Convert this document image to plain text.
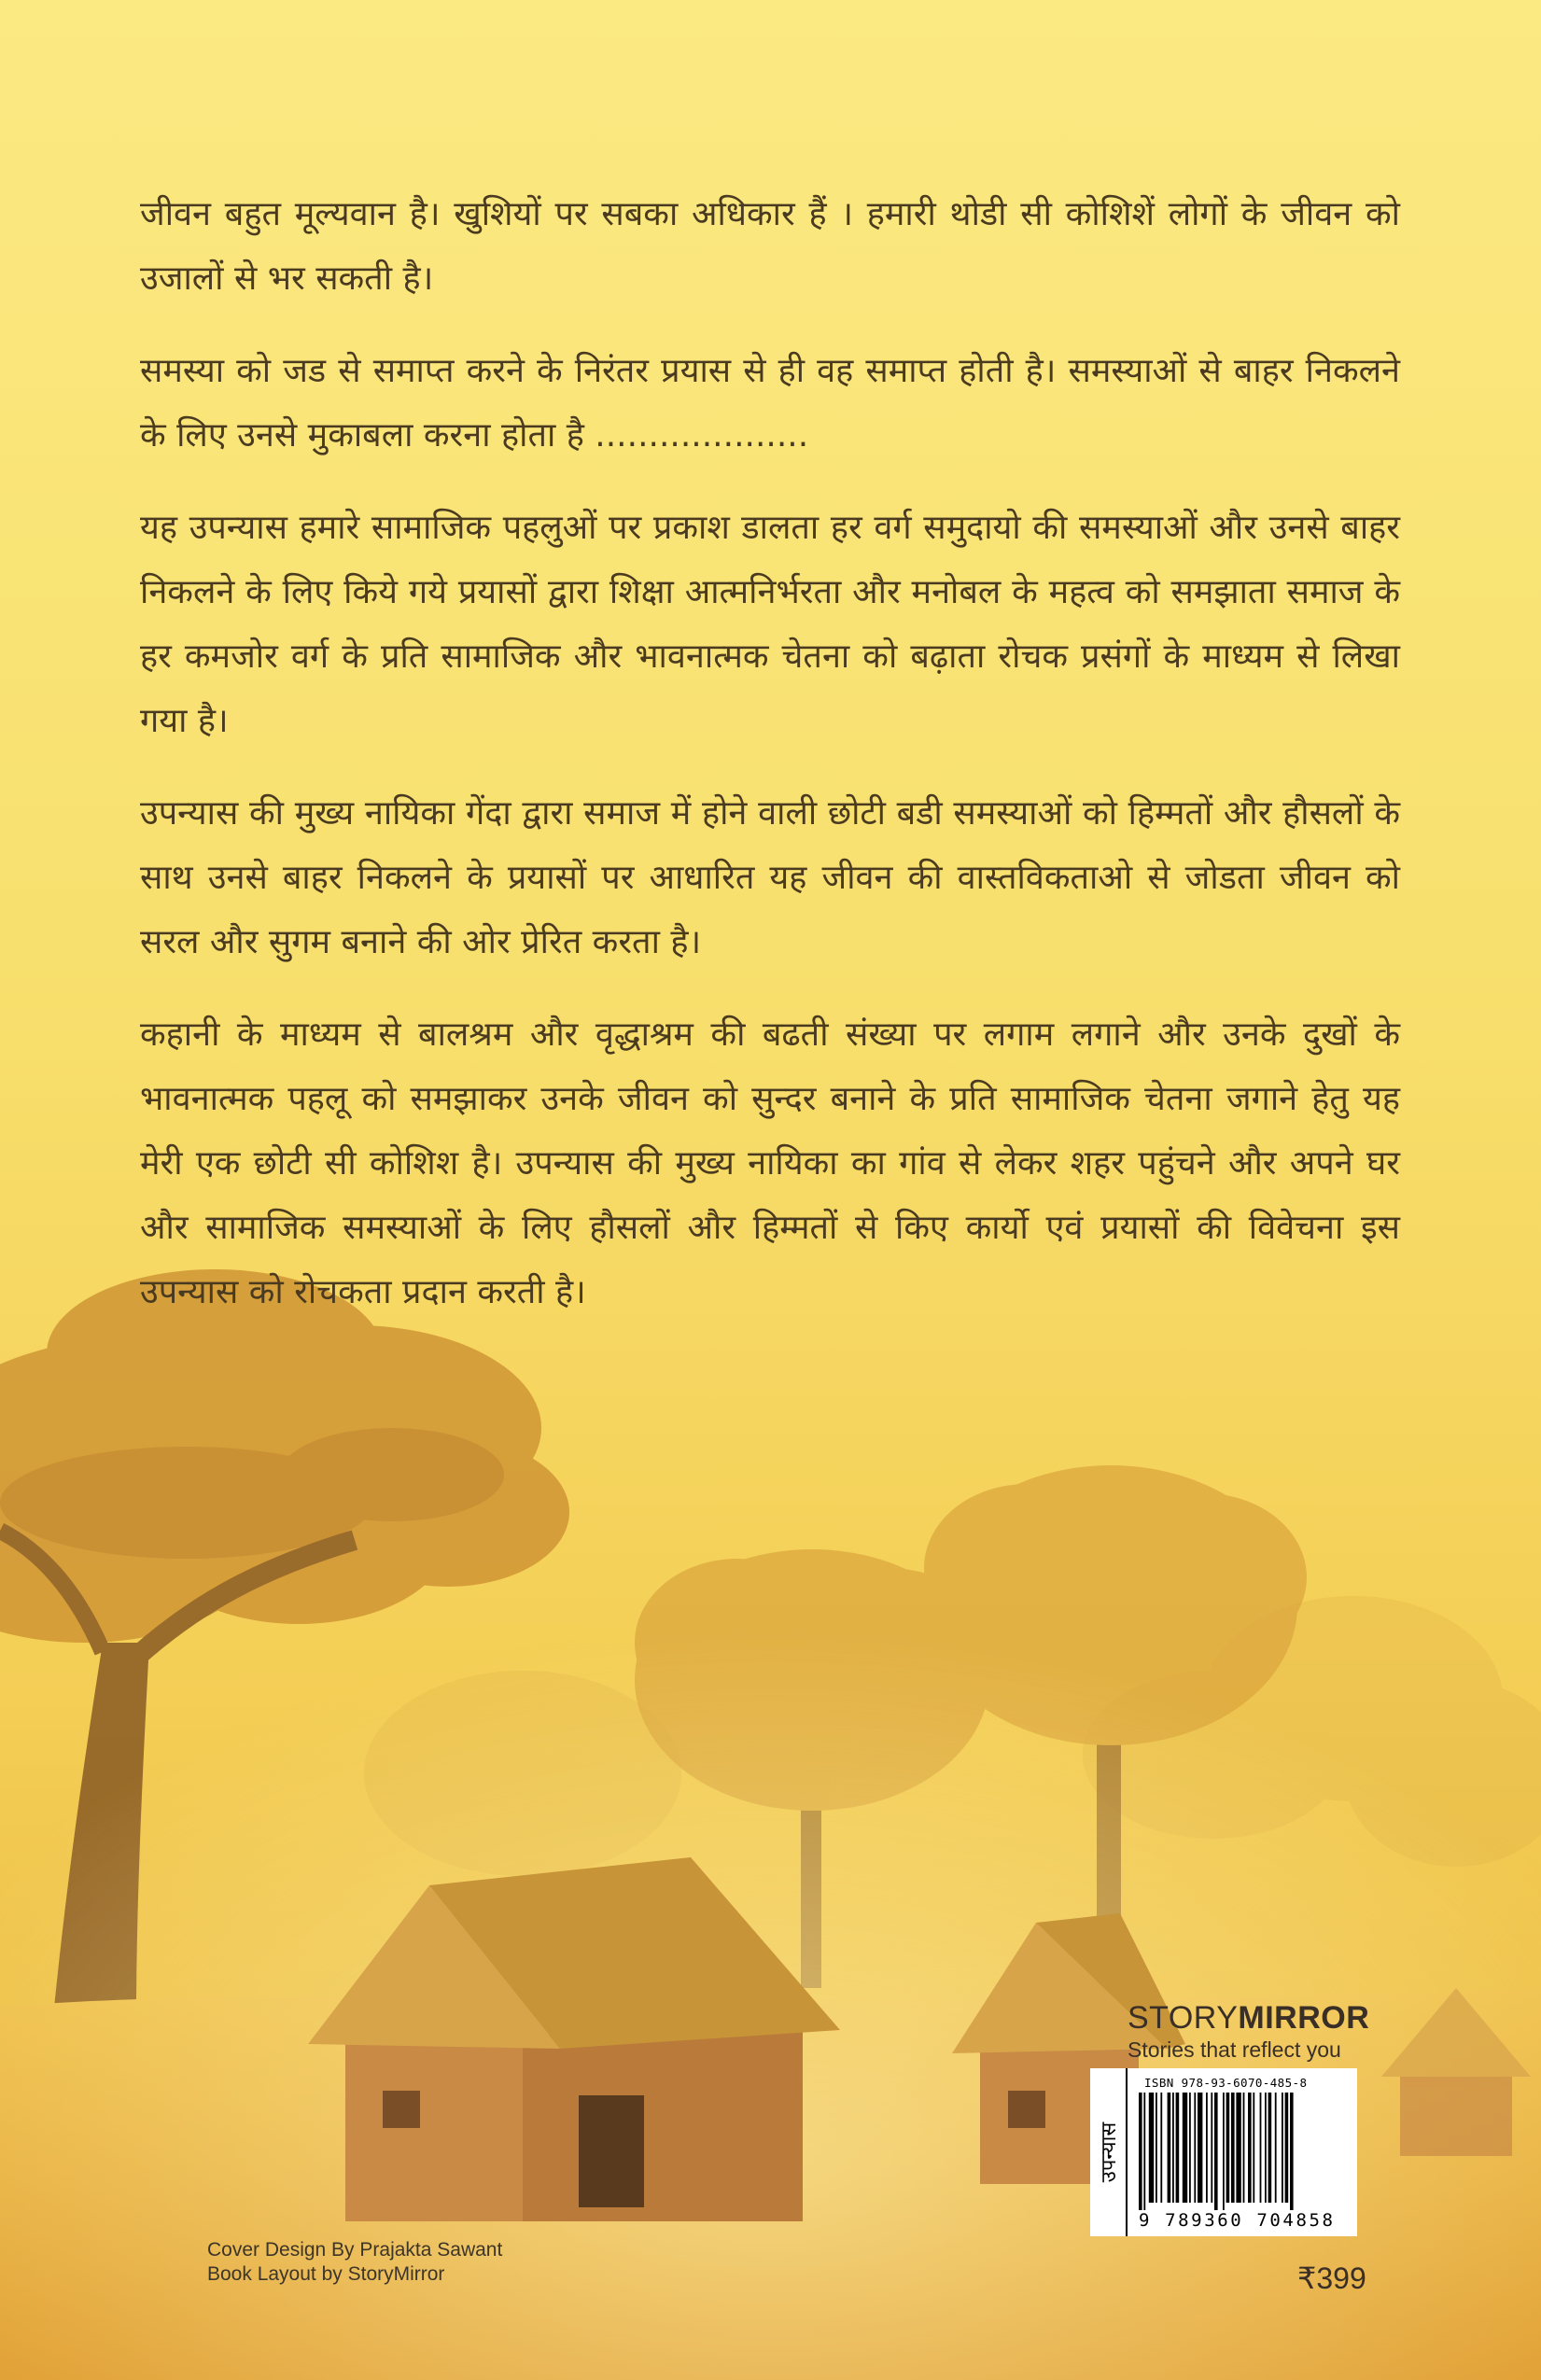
जीवन बहुत मूल्यवान है। खुशियों पर सबका अधिकार हैं । हमारी थोडी सी कोशिशें लोगों के जीवन को उजालों से भर सकती है।

समस्या को जड से समाप्त करने के निरंतर प्रयास से ही वह समाप्त होती है। समस्याओं से बाहर निकलने के लिए उनसे मुकाबला करना होता है ....................

यह उपन्यास हमारे सामाजिक पहलुओं पर प्रकाश डालता हर वर्ग समुदायो की समस्याओं और उनसे बाहर निकलने के लिए किये गये प्रयासों द्वारा शिक्षा आत्मनिर्भरता और मनोबल के महत्व को समझाता समाज के हर कमजोर वर्ग के प्रति सामाजिक और भावनात्मक चेतना को बढ़ाता रोचक प्रसंगों के माध्यम से लिखा गया है।

उपन्यास की मुख्य नायिका गेंदा द्वारा समाज में होने वाली छोटी बडी समस्याओं को हिम्मतों और हौसलों के साथ उनसे बाहर निकलने के प्रयासों पर आधारित यह जीवन की वास्तविकताओ से जोडता जीवन को सरल और सुगम बनाने की ओर प्रेरित करता है।

कहानी के माध्यम से बालश्रम और वृद्धाश्रम की बढती संख्या पर लगाम लगाने और उनके दुखों के भावनात्मक पहलू को समझाकर उनके जीवन को सुन्दर बनाने के प्रति सामाजिक चेतना जगाने हेतु यह मेरी एक छोटी सी कोशिश है। उपन्यास की मुख्य नायिका का गांव से लेकर शहर पहुंचने और अपने घर और सामाजिक समस्याओं के लिए हौसलों और हिम्मतों से किए कार्यो एवं प्रयासों की विवेचना इस उपन्यास को रोचकता प्रदान करती है।

STORYMIRROR
Stories that reflect you
उपन्यास
ISBN 978-93-6070-485-8
9 789360 704858
₹399
Cover Design By Prajakta Sawant
Book Layout by StoryMirror
